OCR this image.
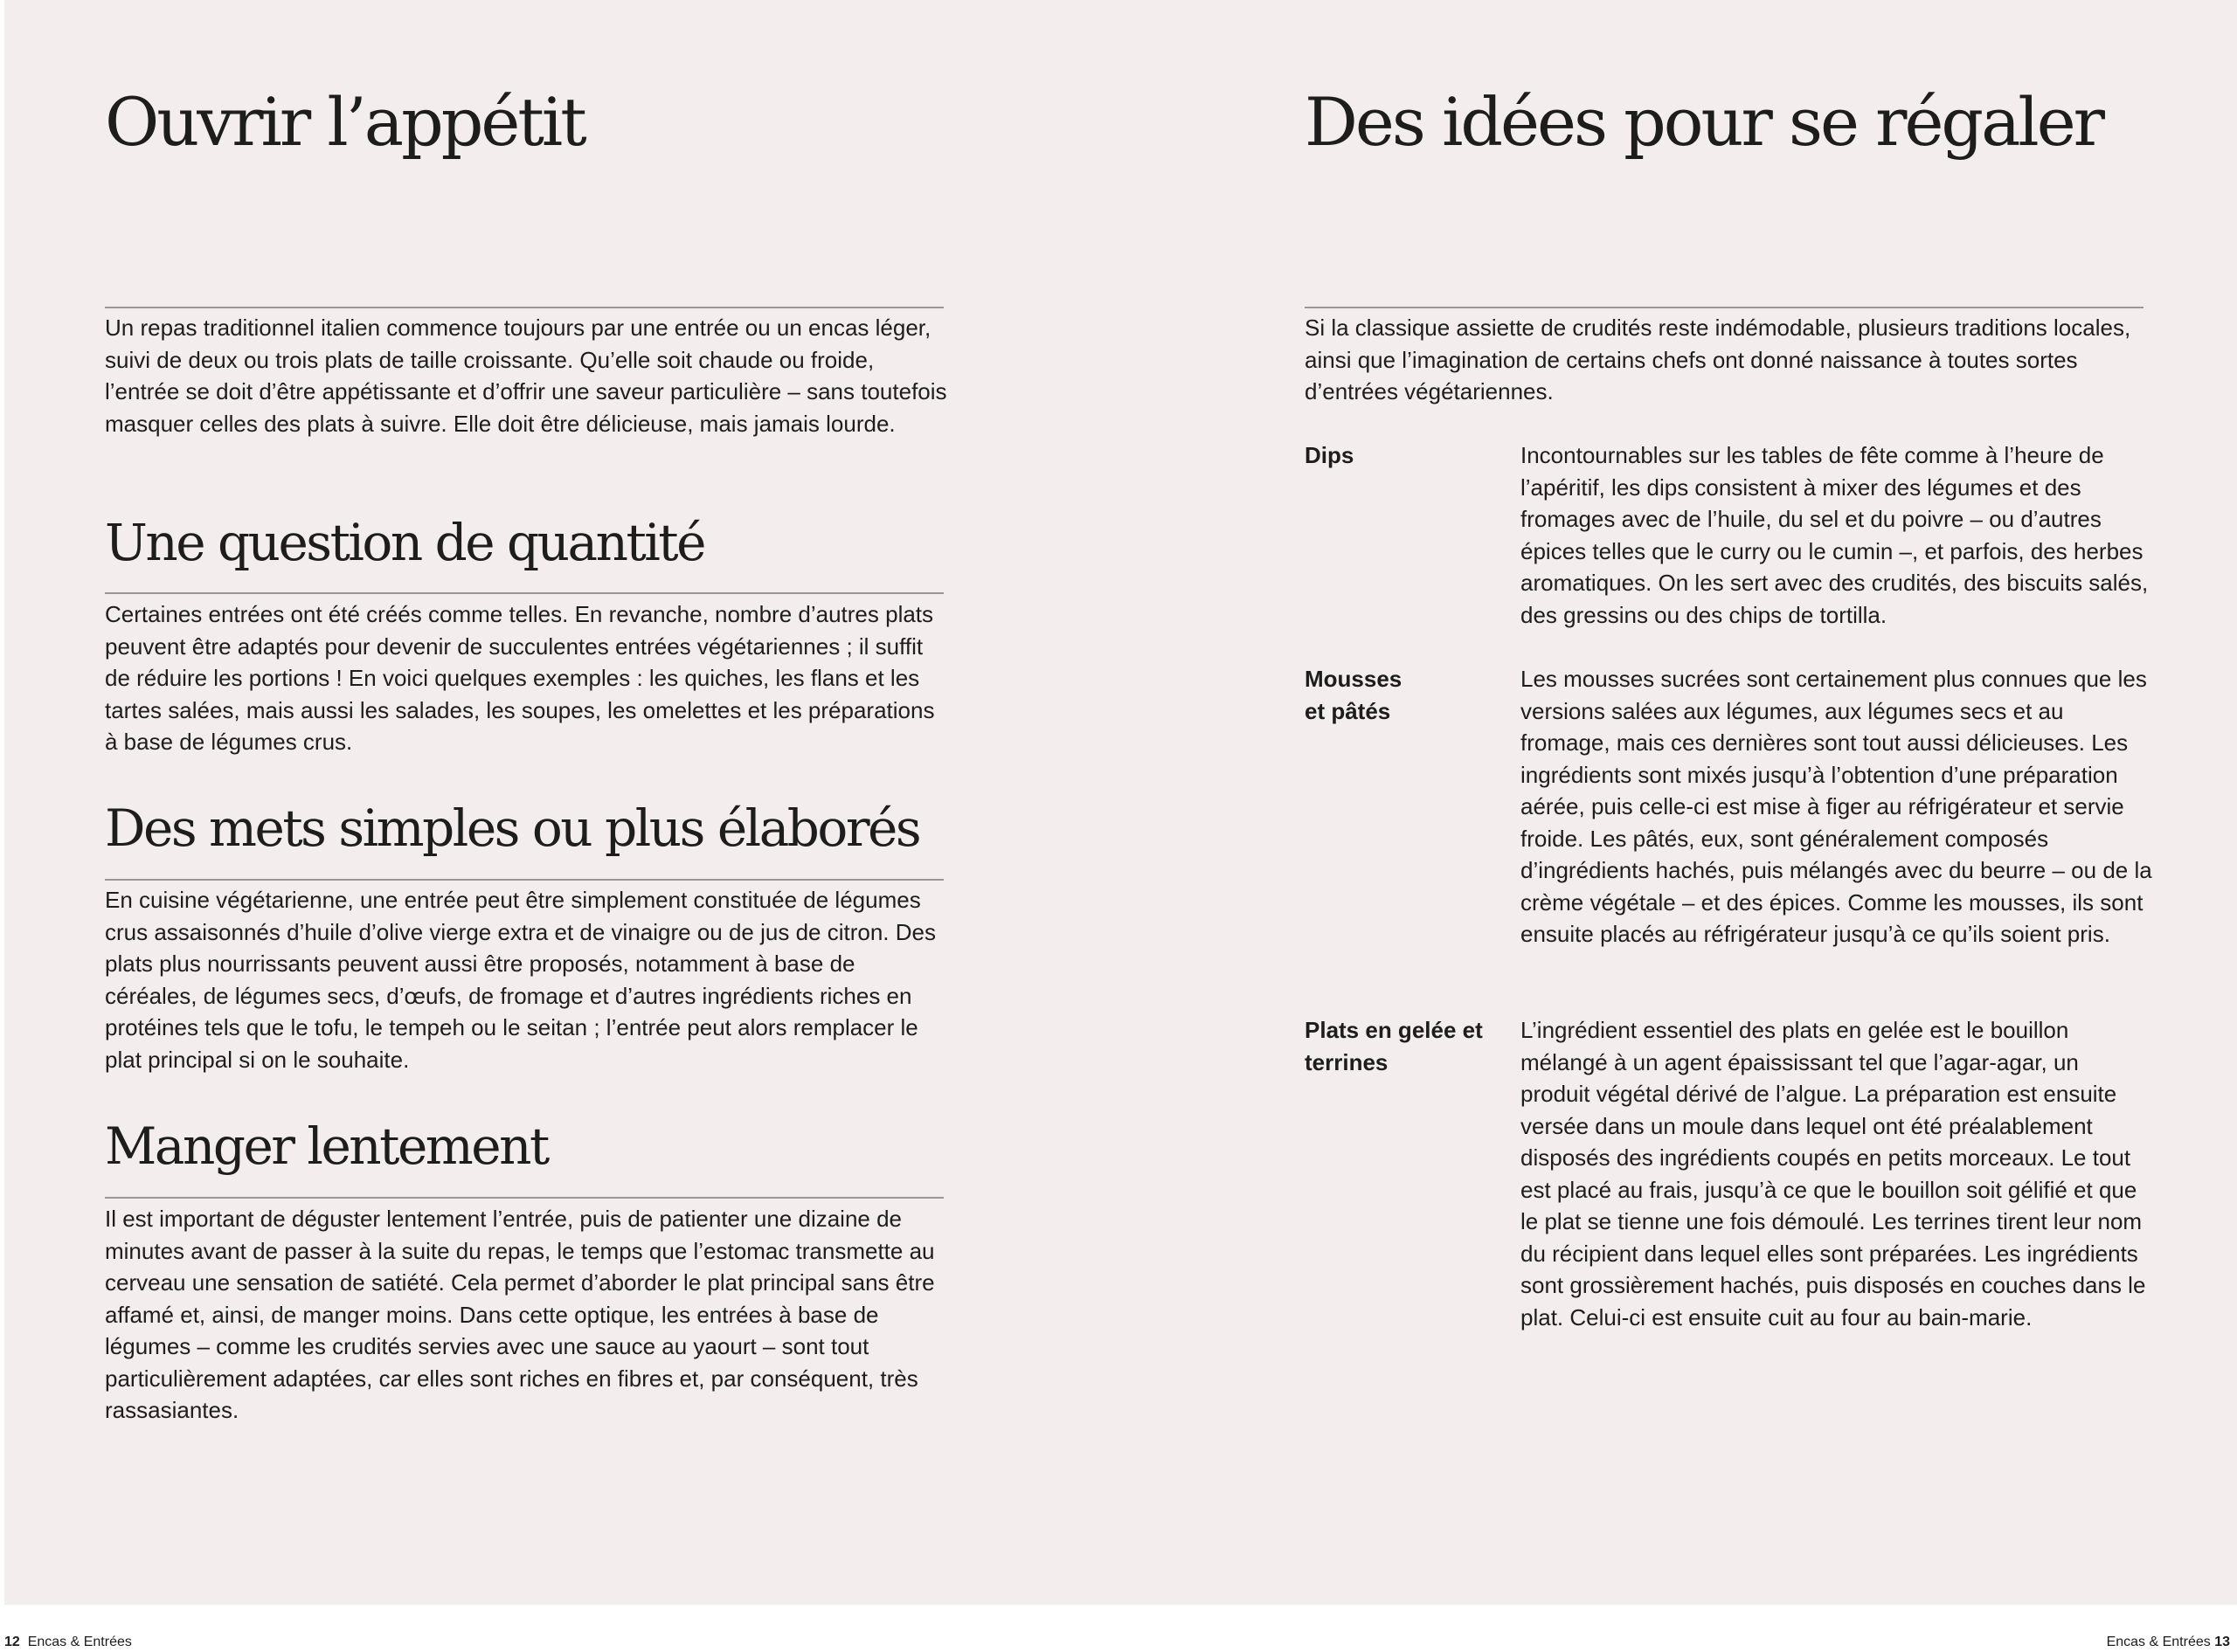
Ouvrir l’appétit

Un repas traditionnel italien commence toujours par une entrée ou un encas léger, suivi de deux ou trois plats de taille croissante. Qu’elle soit chaude ou froide, l’entrée se doit d’être appétissante et d’offrir une saveur particulière – sans toutefois masquer celles des plats à suivre. Elle doit être délicieuse, mais jamais lourde.

Une question de quantité

Certaines entrées ont été créés comme telles. En revanche, nombre d’autres plats peuvent être adaptés pour devenir de succulentes entrées végétariennes ; il suffit de réduire les portions ! En voici quelques exemples : les quiches, les flans et les tartes salées, mais aussi les salades, les soupes, les omelettes et les préparations à base de légumes crus.

Des mets simples ou plus élaborés

En cuisine végétarienne, une entrée peut être simplement constituée de légumes crus assaisonnés d’huile d’olive vierge extra et de vinaigre ou de jus de citron. Des plats plus nourrissants peuvent aussi être proposés, notamment à base de céréales, de légumes secs, d’œufs, de fromage et d’autres ingrédients riches en protéines tels que le tofu, le tempeh ou le seitan ; l’entrée peut alors remplacer le plat principal si on le souhaite.

Manger lentement

Il est important de déguster lentement l’entrée, puis de patienter une dizaine de minutes avant de passer à la suite du repas, le temps que l’estomac transmette au cerveau une sensation de satiété. Cela permet d’aborder le plat principal sans être affamé et, ainsi, de manger moins. Dans cette optique, les entrées à base de légumes – comme les crudités servies avec une sauce au yaourt – sont tout particulièrement adaptées, car elles sont riches en fibres et, par conséquent, très rassasiantes.

Des idées pour se régaler

Si la classique assiette de crudités reste indémodable, plusieurs traditions locales, ainsi que l’imagination de certains chefs ont donné naissance à toutes sortes d’entrées végétariennes.

Dips	Incontournables sur les tables de fête comme à l’heure de l’apéritif, les dips consistent à mixer des légumes et des fromages avec de l’huile, du sel et du poivre – ou d’autres épices telles que le curry ou le cumin –, et parfois, des herbes aromatiques. On les sert avec des crudités, des biscuits salés, des gressins ou des chips de tortilla.

Mousses et pâtés

Les mousses sucrées sont certainement plus connues que les versions salées aux légumes, aux légumes secs et au fromage, mais ces dernières sont tout aussi délicieuses. Les ingrédients sont mixés jusqu’à l’obtention d’une préparation aérée, puis celle-ci est mise à figer au réfrigérateur et servie froide. Les pâtés, eux, sont généralement composés d’ingrédients hachés, puis mélangés avec du beurre – ou de la crème végétale – et des épices. Comme les mousses, ils sont ensuite placés au réfrigérateur jusqu’à ce qu’ils soient pris.

Plats en gelée et terrines

L’ingrédient essentiel des plats en gelée est le bouillon mélangé à un agent épaississant tel que l’agar-agar, un produit végétal dérivé de l’algue. La préparation est ensuite versée dans un moule dans lequel ont été préalablement disposés des ingrédients coupés en petits morceaux. Le tout est placé au frais, jusqu’à ce que le bouillon soit gélifié et que le plat se tienne une fois démoulé. Les terrines tirent leur nom du récipient dans lequel elles sont préparées. Les ingrédients sont grossièrement hachés, puis disposés en couches dans le plat. Celui-ci est ensuite cuit au four au bain-marie.

12 Encas & Entrées	Encas & Entrées 13
